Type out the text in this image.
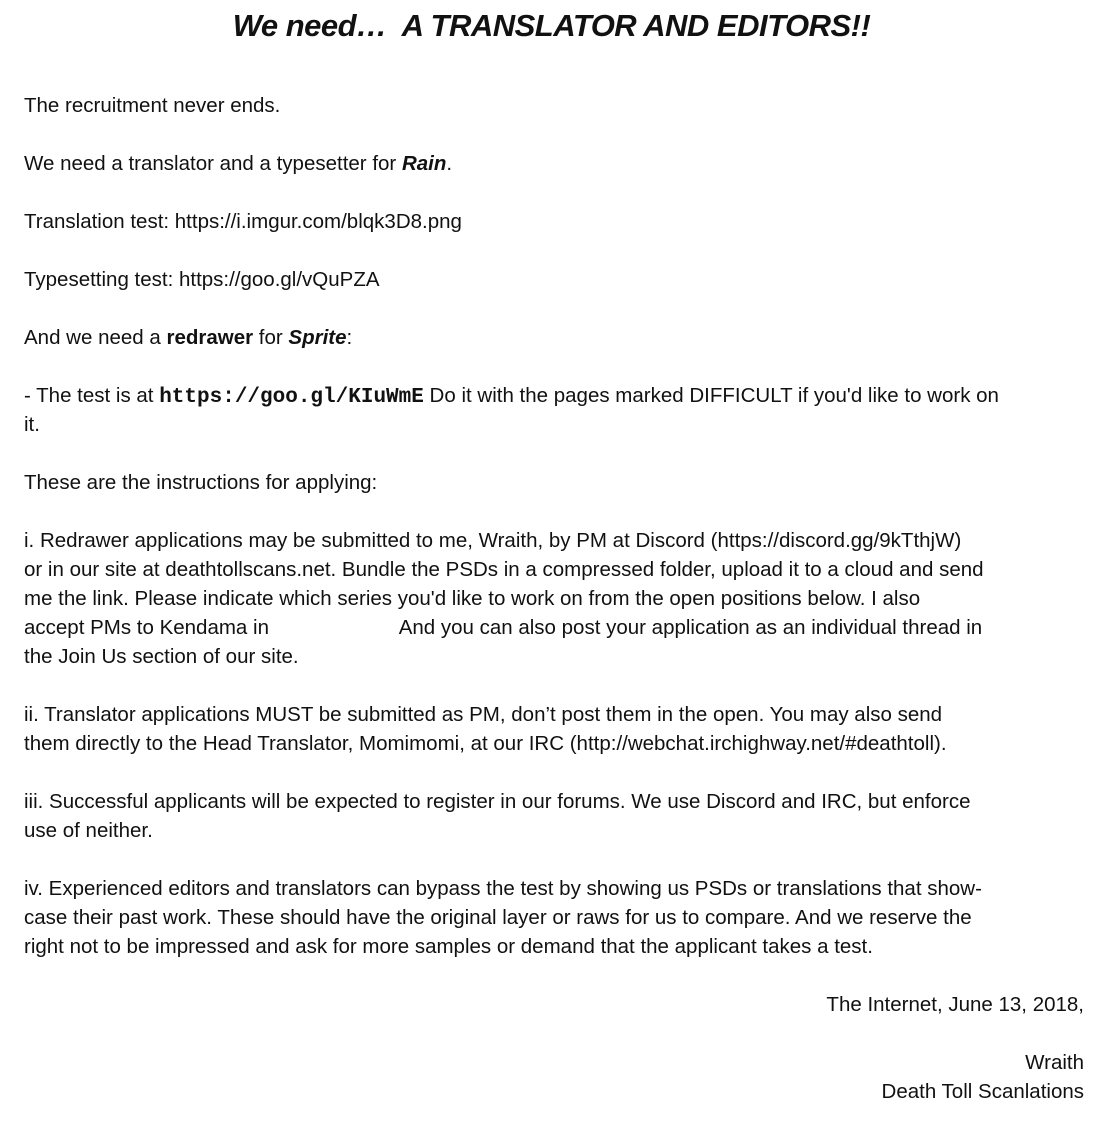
We need…  A TRANSLATOR AND EDITORS!!
The recruitment never ends.
We need a translator and a typesetter for Rain.
Translation test: https://i.imgur.com/blqk3D8.png
Typesetting test: https://goo.gl/vQuPZA
And we need a redrawer for Sprite:
- The test is at https://goo.gl/KIuWmE Do it with the pages marked DIFFICULT if you'd like to work on
it.
These are the instructions for applying:
i. Redrawer applications may be submitted to me, Wraith, by PM at Discord (https://discord.gg/9kTthjW)
or in our site at deathtollscans.net. Bundle the PSDs in a compressed folder, upload it to a cloud and send
me the link. Please indicate which series you'd like to work on from the open positions below. I also
accept PMs to Kendama in	And you can also post your application as an individual thread in
the Join Us section of our site.
ii. Translator applications MUST be submitted as PM, don’t post them in the open. You may also send
them directly to the Head Translator, Momimomi, at our IRC (http://webchat.irchighway.net/#deathtoll).
iii. Successful applicants will be expected to register in our forums. We use Discord and IRC, but enforce
use of neither.
iv. Experienced editors and translators can bypass the test by showing us PSDs or translations that show-
case their past work. These should have the original layer or raws for us to compare. And we reserve the
right not to be impressed and ask for more samples or demand that the applicant takes a test.
The Internet, June 13, 2018,
Wraith
Death Toll Scanlations
